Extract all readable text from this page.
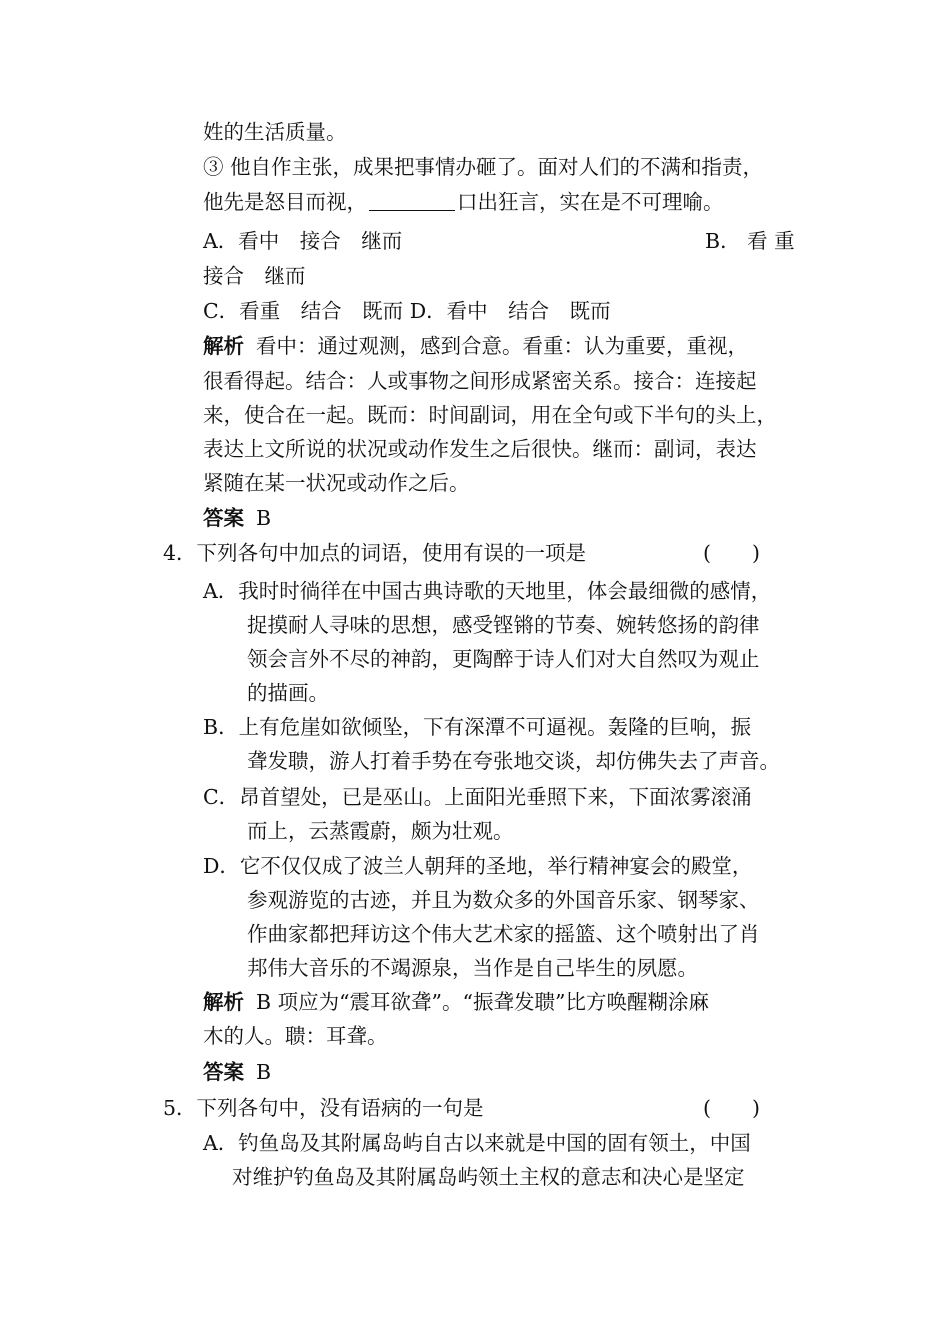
姓的生活质量。
③ 他自作主张，成果把事情办砸了。面对人们的不满和指责，
他先是怒目而视，	口出狂言，实在是不可理喻。
A．看中　接合　继而	B． 看 重
接合　继而
C．看重　结合　既而 D．看中　结合　既而
解析 看中：通过观测，感到合意。看重：认为重要，重视，
很看得起。结合：人或事物之间形成紧密关系。接合：连接起
来，使合在一起。既而：时间副词，用在全句或下半句的头上，
表达上文所说的状况或动作发生之后很快。继而：副词，表达
紧随在某一状况或动作之后。
答案 B
4．下列各句中加点的词语，使用有误的一项是	(　　)
A．我时时徜徉在中国古典诗歌的天地里，体会最细微的感情，
捉摸耐人寻味的思想，感受铿锵的节奏、婉转悠扬的韵律
领会言外不尽的神韵，更陶醉于诗人们对大自然叹为观止
的描画。
B．上有危崖如欲倾坠，下有深潭不可逼视。轰隆的巨响，振
聋发聩，游人打着手势在夸张地交谈，却仿佛失去了声音。
C．昂首望处，已是巫山。上面阳光垂照下来，下面浓雾滚涌
而上，云蒸霞蔚，颇为壮观。
D．它不仅仅成了波兰人朝拜的圣地，举行精神宴会的殿堂，
参观游览的古迹，并且为数众多的外国音乐家、钢琴家、
作曲家都把拜访这个伟大艺术家的摇篮、这个喷射出了肖
邦伟大音乐的不竭源泉，当作是自己毕生的夙愿。
解析 B 项应为“震耳欲聋”。“振聋发聩”比方唤醒糊涂麻
木的人。聩：耳聋。
答案 B
5．下列各句中，没有语病的一句是	(　　)
A．钓鱼岛及其附属岛屿自古以来就是中国的固有领土，中国
对维护钓鱼岛及其附属岛屿领土主权的意志和决心是坚定
